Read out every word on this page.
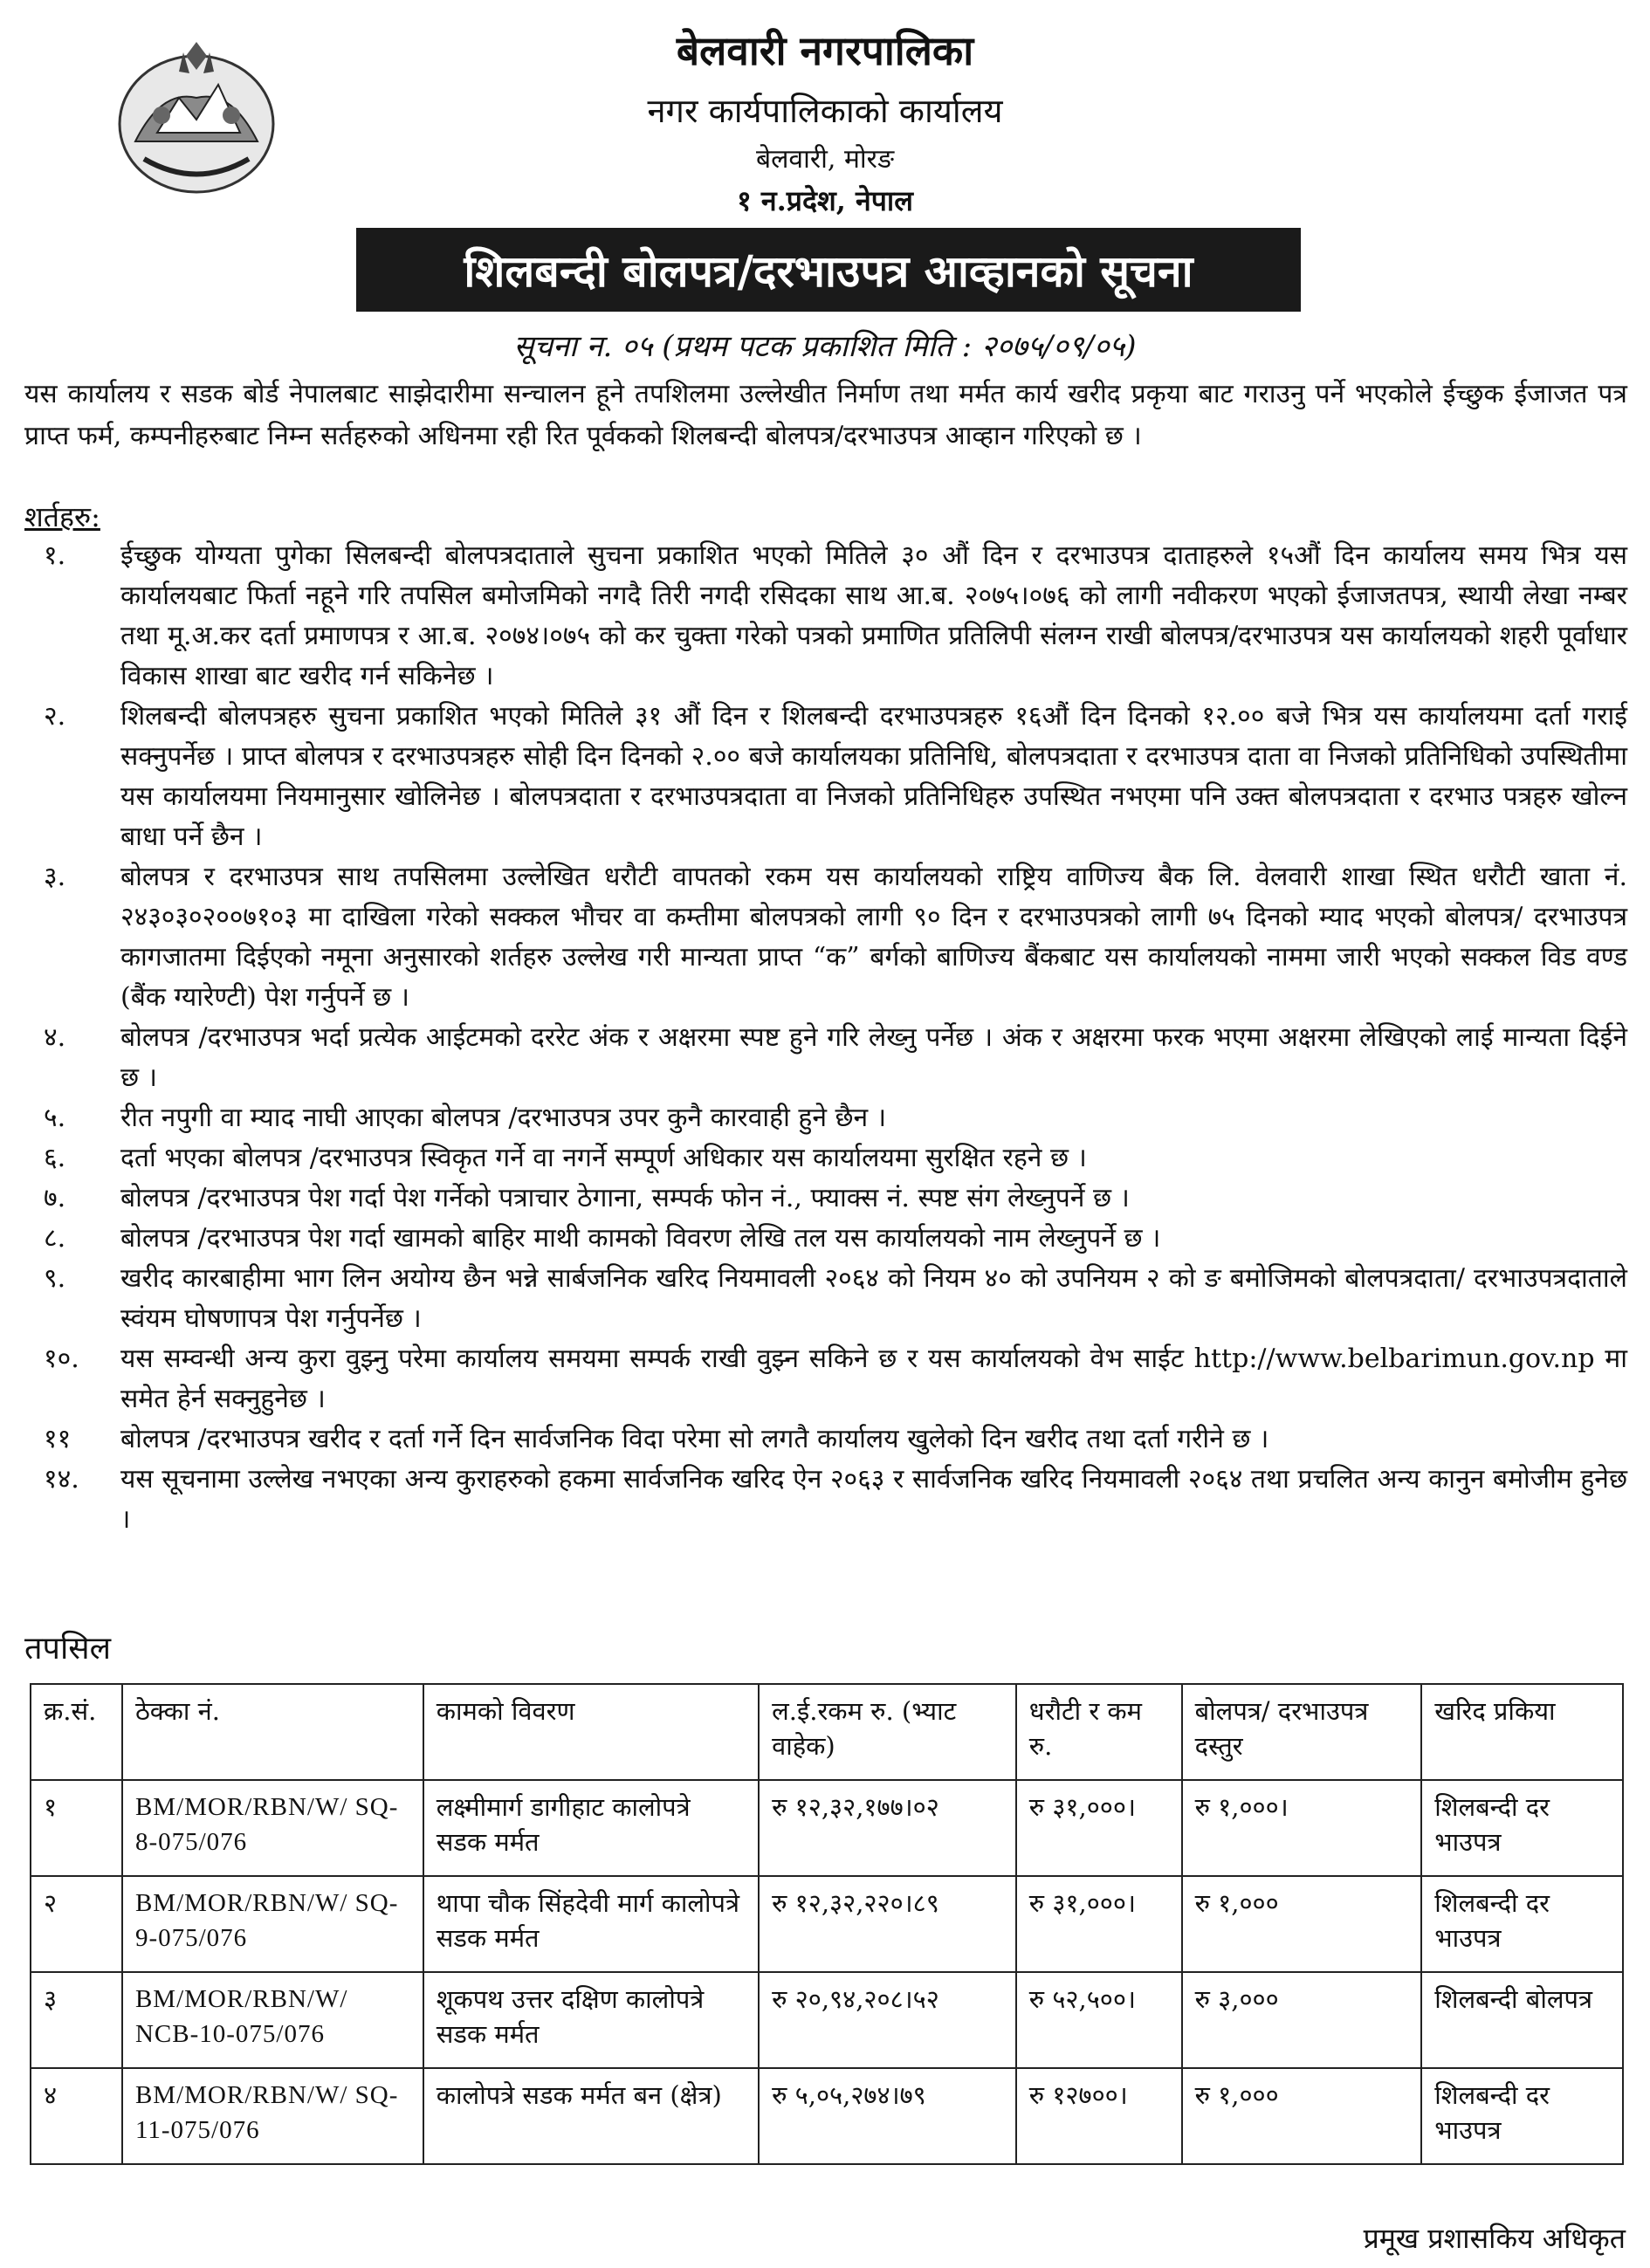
बेलवारी नगरपालिका
नगर कार्यपालिकाको कार्यालय
बेलवारी, मोरङ
१ न.प्रदेश, नेपाल
शिलबन्दी बोलपत्र/दरभाउपत्र आव्हानको सूचना
सूचना न. ०५ (प्रथम पटक प्रकाशित मिति : २०७५/०९/०५)
यस कार्यालय र सडक बोर्ड नेपालबाट साझेदारीमा सन्चालन हूने तपशिलमा उल्लेखीत निर्माण तथा मर्मत कार्य खरीद प्रकृया बाट गराउनु पर्ने भएकोले ईच्छुक ईजाजत पत्र प्राप्त फर्म, कम्पनीहरुबाट निम्न सर्तहरुको अधिनमा रही रित पूर्वकको शिलबन्दी बोलपत्र/दरभाउपत्र आव्हान गरिएको छ ।
शर्तहरु:
१.	ईच्छुक योग्यता पुगेका सिलबन्दी बोलपत्रदाताले सुचना प्रकाशित भएको मितिले ३० औं दिन र दरभाउपत्र दाताहरुले १५औं दिन कार्यालय समय भित्र यस कार्यालयबाट फिर्ता नहूने गरि तपसिल बमोजमिको नगदै तिरी नगदी रसिदका साथ आ.ब. २०७५।०७६ को लागी नवीकरण भएको ईजाजतपत्र, स्थायी लेखा नम्बर तथा मू.अ.कर दर्ता प्रमाणपत्र र आ.ब. २०७४।०७५ को कर चुक्ता गरेको पत्रको प्रमाणित प्रतिलिपी संलग्न राखी बोलपत्र/दरभाउपत्र यस कार्यालयको शहरी पूर्वाधार विकास शाखा बाट खरीद गर्न सकिनेछ ।
२.	शिलबन्दी बोलपत्रहरु सुचना प्रकाशित भएको मितिले ३१ औं दिन र शिलबन्दी दरभाउपत्रहरु १६औं दिन दिनको १२.०० बजे भित्र यस कार्यालयमा दर्ता गराई सक्नुपर्नेछ । प्राप्त बोलपत्र र दरभाउपत्रहरु सोही दिन दिनको २.०० बजे कार्यालयका प्रतिनिधि, बोलपत्रदाता र दरभाउपत्र दाता वा निजको प्रतिनिधिको उपस्थितीमा यस कार्यालयमा नियमानुसार खोलिनेछ । बोलपत्रदाता र दरभाउपत्रदाता वा निजको प्रतिनिधिहरु उपस्थित नभएमा पनि उक्त बोलपत्रदाता र दरभाउ पत्रहरु खोल्न बाधा पर्ने छैन ।
३.	बोलपत्र र दरभाउपत्र साथ तपसिलमा उल्लेखित धरौटी वापतको रकम यस कार्यालयको राष्ट्रिय वाणिज्य बैक लि. वेलवारी शाखा स्थित धरौटी खाता नं. २४३०३०२००७१०३ मा दाखिला गरेको सक्कल भौचर वा कम्तीमा बोलपत्रको लागी ९० दिन र दरभाउपत्रको लागी ७५ दिनको म्याद भएको बोलपत्र/ दरभाउपत्र कागजातमा दिईएको नमूना अनुसारको शर्तहरु उल्लेख गरी मान्यता प्राप्त “क” बर्गको बाणिज्य बैंकबाट यस कार्यालयको नाममा जारी भएको सक्कल विड वण्ड (बैंक ग्यारेण्टी) पेश गर्नुपर्ने छ ।
४.	बोलपत्र /दरभाउपत्र भर्दा प्रत्येक आईटमको दररेट अंक र अक्षरमा स्पष्ट हुने गरि लेख्नु पर्नेछ । अंक र अक्षरमा फरक भएमा अक्षरमा लेखिएको लाई मान्यता दिईने छ ।
५.	रीत नपुगी वा म्याद नाघी आएका बोलपत्र /दरभाउपत्र उपर कुनै कारवाही हुने छैन ।
६.	दर्ता भएका बोलपत्र /दरभाउपत्र स्विकृत गर्ने वा नगर्ने सम्पूर्ण अधिकार यस कार्यालयमा सुरक्षित रहने छ ।
७.	बोलपत्र /दरभाउपत्र पेश गर्दा पेश गर्नेको पत्राचार ठेगाना, सम्पर्क फोन नं., फ्याक्स नं. स्पष्ट संग लेख्नुपर्ने छ ।
८.	बोलपत्र /दरभाउपत्र पेश गर्दा खामको बाहिर माथी कामको विवरण लेखि तल यस कार्यालयको नाम लेख्नुपर्ने छ ।
९.	खरीद कारबाहीमा भाग लिन अयोग्य छैन भन्ने सार्बजनिक खरिद नियमावली २०६४ को नियम ४० को उपनियम २ को ङ बमोजिमको बोलपत्रदाता/ दरभाउपत्रदाताले स्वंयम घोषणापत्र पेश गर्नुपर्नेछ ।
१०.	यस सम्वन्धी अन्य कुरा वुझ्नु परेमा कार्यालय समयमा सम्पर्क राखी वुझ्न सकिने छ र यस कार्यालयको वेभ साईट http://www.belbarimun.gov.np मा समेत हेर्न सक्नुहुनेछ ।
११	बोलपत्र /दरभाउपत्र खरीद र दर्ता गर्ने दिन सार्वजनिक विदा परेमा सो लगतै कार्यालय खुलेको दिन खरीद तथा दर्ता गरीने छ ।
१४.	यस सूचनामा उल्लेख नभएका अन्य कुराहरुको हकमा सार्वजनिक खरिद ऐन २०६३ र सार्वजनिक खरिद नियमावली २०६४ तथा प्रचलित अन्य कानुन बमोजीम हुनेछ ।
तपसिल
क्र.सं.	ठेक्का नं.	कामको विवरण	ल.ई.रकम रु. (भ्याट वाहेक)	धरौटी र कम रु.	बोलपत्र/ दरभाउपत्र दस्तुर	खरिद प्रकिया
१	BM/MOR/RBN/W/ SQ-8-075/076	लक्ष्मीमार्ग डागीहाट कालोपत्रे सडक मर्मत	रु १२,३२,१७७।०२	रु ३१,०००।	रु १,०००।	शिलबन्दी दर भाउपत्र
२	BM/MOR/RBN/W/ SQ-9-075/076	थापा चौक सिंहदेवी मार्ग कालोपत्रे सडक मर्मत	रु १२,३२,२२०।८९	रु ३१,०००।	रु १,०००	शिलबन्दी दर भाउपत्र
३	BM/MOR/RBN/W/ NCB-10-075/076	शूकपथ उत्तर दक्षिण कालोपत्रे सडक मर्मत	रु २०,९४,२०८।५२	रु ५२,५००।	रु ३,०००	शिलबन्दी बोलपत्र
४	BM/MOR/RBN/W/ SQ-11-075/076	कालोपत्रे सडक मर्मत बन (क्षेत्र)	रु ५,०५,२७४।७९	रु १२७००।	रु १,०००	शिलबन्दी दर भाउपत्र
प्रमूख प्रशासकिय अधिकृत
